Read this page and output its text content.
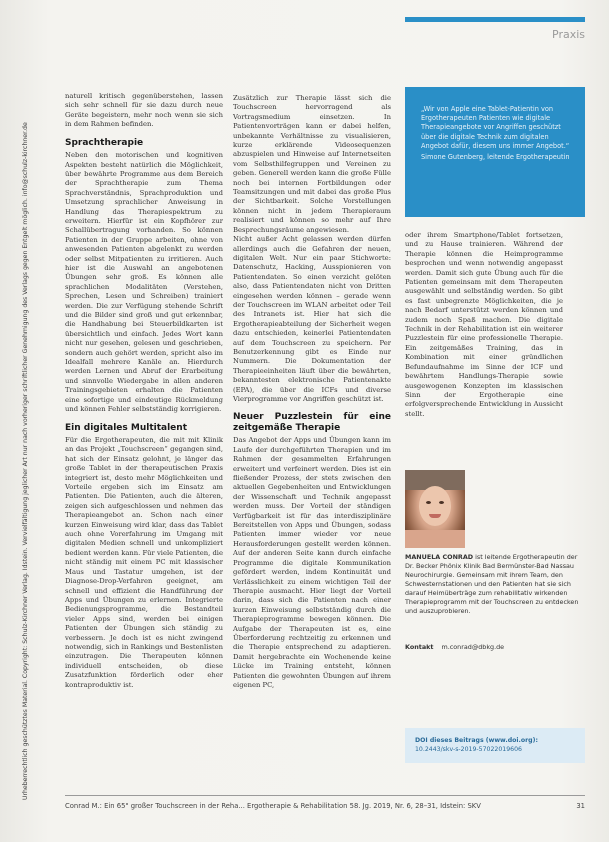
Urheberrechtlich geschütztes Material. Copyright: Schulz-Kirchner Verlag. Idstein. Vervielfältigung jeglicher Art nur nach vorheriger schriftlicher Genehmigung des Verlags gegen Entgelt möglich. info@schulz-kirchner.de
Praxis

naturell kritisch gegenüberstehen, lassen sich sehr schnell für sie dazu durch neue Geräte begeistern, mehr noch wenn sie sich in dem Rahmen befinden.

Sprachtherapie

Neben den motorischen und kognitiven Aspekten besteht natürlich die Möglichkeit, über bewährte Programme aus dem Bereich der Sprachtherapie zum Thema Sprachverständnis, Sprachproduktion und Umsetzung sprachlicher Anweisung in Handlung das Therapiespektrum zu erweitern. Hierfür ist ein Kopfhörer zur Schallübertragung vorhanden. So können Patienten in der Gruppe arbeiten, ohne von anwesenden Patienten abgelenkt zu werden oder selbst Mitpatienten zu irritieren. Auch hier ist die Auswahl an angebotenen Übungen sehr groß. Es können alle sprachlichen Modalitäten (Verstehen, Sprechen, Lesen und Schreiben) trainiert werden. Die zur Verfügung stehende Schrift und die Bilder sind groß und gut erkennbar, die Handhabung bei Steuerbildkarten ist übersichtlich und einfach. Jedes Wort kann nicht nur gesehen, gelesen und geschrieben, sondern auch gehört werden, spricht also im Idealfall mehrere Kanäle an. Hierdurch werden Lernen und Abruf der Erarbeitung und sinnvolle Wiedergabe in allen anderen Trainingsgebieten erhalten die Patienten eine sofortige und eindeutige Rückmeldung und können Fehler selbstständig korrigieren.

Ein digitales Multitalent

Für die Ergotherapeuten, die mit mit Klinik an das Projekt „Touchscreen“ gegangen sind, hat sich der Einsatz gelohnt, je länger das große Tablet in der therapeutischen Praxis integriert ist, desto mehr Möglichkeiten und Vorteile ergeben sich im Einsatz am Patienten. Die Patienten, auch die älteren, zeigen sich aufgeschlossen und nehmen das Therapieangebot an. Schon nach einer kurzen Einweisung wird klar, dass das Tablet auch ohne Vorerfahrung im Umgang mit digitalen Medien schnell und unkompliziert bedient werden kann. Für viele Patienten, die nicht ständig mit einem PC mit klassischer Maus und Tastatur umgehen, ist der Diagnose-Drop-Verfahren geeignet, am schnell und effizient die Handführung der Apps und Übungen zu erlernen. Integrierte Bedienungsprogramme, die Bestandteil vieler Apps sind, werden bei einigen Patienten der Übungen sich ständig zu verbessern. Je doch ist es nicht zwingend notwendig, sich in Rankings und Bestenlisten einzutragen. Die Therapeuten können individuell entscheiden, ob diese Zusatzfunktion förderlich oder eher kontraproduktiv ist.

Zusätzlich zur Therapie lässt sich die Touchscreen hervorragend als Vortragsmedium einsetzen. In Patientenvorträgen kann er dabei helfen, unbekannte Verhältnisse zu visualisieren, kurze erklärende Videosequenzen abzuspielen und Hinweise auf Internetseiten vom Selbsthilfegruppen und Vereinen zu geben. Generell werden kann die große Fülle noch bei internen Fortbildungen oder Teamsitzungen und mit dabei das große Plus der Sichtbarkeit. Solche Vorstellungen können nicht in jedem Therapieraum realisiert und können so mehr auf Ihre Besprechungsräume angewiesen.

Nicht außer Acht gelassen werden dürfen allerdings auch die Gefahren der neuen, digitalen Welt. Nur ein paar Stichworte: Datenschutz, Hacking, Ausspionieren von Patientendaten. So einen verzicht gelöten also, dass Patientendaten nicht von Dritten eingesehen werden können – gerade wenn der Touchscreen im WLAN arbeitet oder Teil des Intranets ist. Hier hat sich die Ergotherapieabteilung der Sicherheit wegen dazu entschieden, keinerlei Patientendaten auf dem Touchscreen zu speichern. Per Benutzerkennung gibt es Einde nur Nummern. Die Dokumentation der Therapieeinheiten läuft über die bewährten, bekanntesten elektronische Patientenakte (EPA), die über die ICFs und diverse Vierprogramme vor Angriffen geschützt ist.

Neuer Puzzlestein für eine zeitgemäße Therapie

Das Angebot der Apps und Übungen kann im Laufe der durchgeführten Therapien und im Rahmen der gesammelten Erfahrungen erweitert und verfeinert werden. Dies ist ein fließender Prozess, der stets zwischen den aktuellen Gegebenheiten und Entwicklungen der Wissenschaft und Technik angepasst werden muss. Der Vorteil der ständigen Verfügbarkeit ist für das interdisziplinäre Bereitstellen von Apps und Übungen, sodass Patienten immer wieder vor neue Herausforderungen gestellt werden können. Auf der anderen Seite kann durch einfache Programme die digitale Kommunikation gefördert werden, indem Kontinuität und Verlässlichkeit zu einem wichtigen Teil der Therapie ausmacht. Hier liegt der Vorteil darin, dass sich die Patienten nach einer kurzen Einweisung selbstständig durch die Therapieprogramme bewegen können. Die Aufgabe der Therapeuten ist es, eine Überforderung rechtzeitig zu erkennen und die Therapie entsprechend zu adaptieren. Damit hergebrachte ein Wochenende keine Lücke im Training entsteht, können Patienten die gewohnten Übungen auf ihrem eigenen PC,

„Wir von Apple eine Tablet-Patientin von Ergotherapeuten Patienten wie digitale Therapieangebote vor Angriffen geschützt über die digitale Technik zum digitalen Angebot dafür, diesem uns immer Angebot.“
Simone Gutenberg, leitende Ergotherapeutin

oder ihrem Smartphone/Tablet fortsetzen, und zu Hause trainieren. Während der Therapie können die Heimprogramme besprochen und wenn notwendig angepasst werden. Damit sich gute Übung auch für die Patienten gemeinsam mit dem Therapeuten ausgewählt und selbständig werden. So gibt es fast unbegrenzte Möglichkeiten, die je nach Bedarf unterstützt werden können und zudem noch Spaß machen. Die digitale Technik in der Rehabilitation ist ein weiterer Puzzlestein für eine professionelle Therapie. Ein zeitgemäßes Training, das in Kombination mit einer gründlichen Befundaufnahme im Sinne der ICF und bewährtem Handlungs-Therapie sowie ausgewogenen Konzepten im klassischen Sinn der Ergotherapie eine erfolgversprechende Entwicklung in Aussicht stellt.

MANUELA CONRAD ist leitende Ergotherapeutin der Dr. Becker Phönix Klinik Bad Bermünster-Bad Nassau Neurochirurgie. Gemeinsam mit ihrem Team, den Schwesternstationen und den Patienten hat sie sich darauf Heimüberträge zum rehabilitativ wirkenden Therapieprogramm mit der Touchscreen zu entdecken und auszuprobieren.
Kontakt m.conrad@dbkg.de
DOI dieses Beitrags (www.doi.org):
10.2443/skv-s-2019-57022019606
Conrad M.: Ein 65" großer Touchscreen in der Reha... Ergotherapie & Rehabilitation 58. Jg. 2019, Nr. 6, 28–31, Idstein: SKV	31
